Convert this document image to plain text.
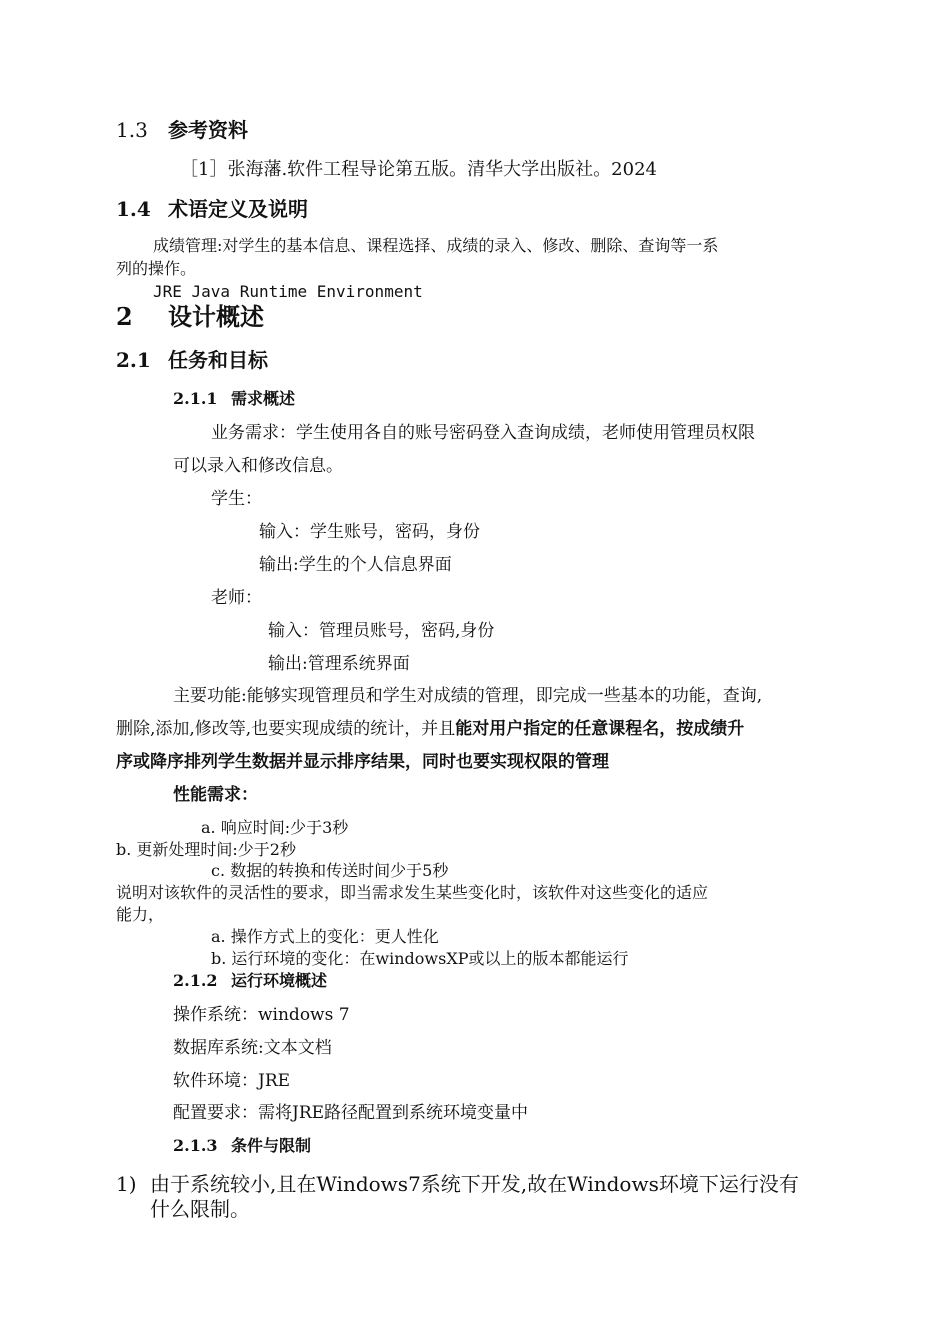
1.3 参考资料
［1］张海藩.软件工程导论第五版。清华大学出版社。2024
1.4 术语定义及说明
成绩管理:对学生的基本信息、课程选择、成绩的录入、修改、删除、查询等一系
列的操作。
JRE Java Runtime Environment
2 设计概述
2.1 任务和目标
2.1.1 需求概述
业务需求：学生使用各自的账号密码登入查询成绩，老师使用管理员权限
可以录入和修改信息。
学生：
输入：学生账号，密码，身份
输出:学生的个人信息界面
老师：
输入：管理员账号，密码,身份
输出:管理系统界面
主要功能:能够实现管理员和学生对成绩的管理，即完成一些基本的功能，查询,
删除,添加,修改等,也要实现成绩的统计，并且能对用户指定的任意课程名，按成绩升
序或降序排列学生数据并显示排序结果，同时也要实现权限的管理
性能需求：
a. 响应时间:少于3秒
b. 更新处理时间:少于2秒
c. 数据的转换和传送时间少于5秒
说明对该软件的灵活性的要求，即当需求发生某些变化时，该软件对这些变化的适应
能力，
a. 操作方式上的变化：更人性化
b. 运行环境的变化：在windowsXP或以上的版本都能运行
2.1.2 运行环境概述
操作系统：windows 7
数据库系统:文本文档
软件环境：JRE
配置要求：需将JRE路径配置到系统环境变量中
2.1.3 条件与限制
1) 由于系统较小,且在Windows7系统下开发,故在Windows环境下运行没有
什么限制。
